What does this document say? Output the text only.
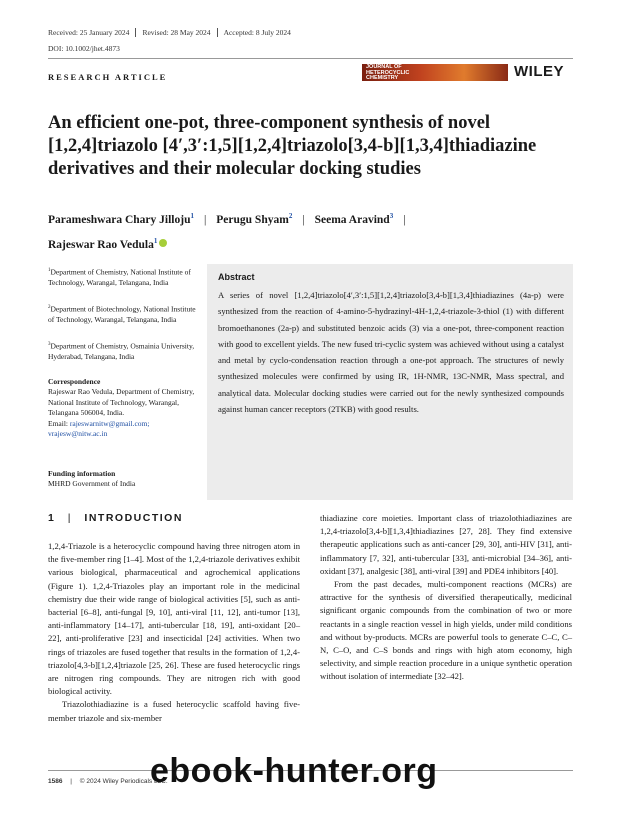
Received: 25 January 2024	Revised: 28 May 2024	Accepted: 8 July 2024
DOI: 10.1002/jhet.4873
RESEARCH ARTICLE
JOURNAL OF
HETEROCYCLIC
CHEMISTRY	WILEY
An efficient one-pot, three-component synthesis of novel [1,2,4]triazolo [4′,3′:1,5][1,2,4]triazolo[3,4-b][1,3,4]thiadiazine derivatives and their molecular docking studies
Parameshwara Chary Jilloju$^1$ | Perugu Shyam$^2$ | Seema Aravind$^3$ |
Rajeswar Rao Vedula$^1$
$^1$Department of Chemistry, National Institute of Technology, Warangal, Telangana, India
$^2$Department of Biotechnology, National Institute of Technology, Warangal, Telangana, India
$^3$Department of Chemistry, Osmainia University, Hyderabad, Telangana, India
Correspondence
Rajeswar Rao Vedula, Department of Chemistry, National Institute of Technology, Warangal, Telangana 506004, India.
Email: rajeswarnitw@gmail.com;
vrajesw@nitw.ac.in
Funding information
MHRD Government of India
Abstract
A series of novel [1,2,4]triazolo[4′,3′:1,5][1,2,4]triazolo[3,4-b][1,3,4]thiadiazines (4a-p) were synthesized from the reaction of 4-amino-5-hydrazinyl-4H-1,2,4-triazole-3-thiol (1) with different bromoethanones (2a-p) and substituted benzoic acids (3) via a one-pot, three-component reaction with good to excellent yields. The new fused tri-cyclic system was achieved without using a catalyst and metal by cyclo-condensation reaction through a one-pot approach. The structures of newly synthesized molecules were confirmed by using IR, 1H-NMR, 13C-NMR, Mass spectral, and analytical data. Molecular docking studies were carried out for the newly synthesized compounds against human cancer receptors (2TKB) with good results.
1 | INTRODUCTION

1,2,4-Triazole is a heterocyclic compound having three nitrogen atom in the five-member ring [1–4]. Most of the 1,2,4-triazole derivatives exhibit various biological, pharmaceutical and agrochemical applications (Figure 1). 1,2,4-Triazoles play an important role in the medicinal chemistry due their wide range of biological activities [5], such as anti-bacterial [6–8], anti-fungal [9, 10], anti-viral [11, 12], anti-tumor [13], anti-inflammatory [14–17], anti-tubercular [18, 19], anti-oxidant [20–22], anti-proliferative [23] and insecticidal [24] activities. When two rings of triazoles are fused together that results in the formation of 1,2,4-triazolo[4,3-b][1,2,4]triazole [25, 26]. These are fused heterocyclic rings are nitrogen ring compounds. They are nitrogen rich with good biological activity.

Triazolothiadiazine is a fused heterocyclic scaffold having five-member triazole and six-member

thiadiazine core moieties. Important class of triazolothiadiazines are 1,2,4-triazolo[3,4-b][1,3,4]thiadiazines [27, 28]. They find extensive therapeutic applications such as anti-cancer [29, 30], anti-HIV [31], anti-inflammatory [7, 32], anti-tubercular [33], anti-microbial [34–36], anti-oxidant [37], analgesic [38], anti-viral [39] and PDE4 inhibitors [40].

From the past decades, multi-component reactions (MCRs) are attractive for the synthesis of diversified therapeutically, medicinal significant organic compounds from the combination of two or more reactants in a single reaction vessel in high yields, under mild conditions and without by-products. MCRs are powerful tools to generate C–C, C–N, C–O, and C–S bonds and rings with high atom economy, high selectivity, and simple reaction procedure in a unique synthetic operation without isolation of intermediate [32–42].

1586 | © 2024 Wiley Periodicals LLC.
ebook-hunter.org
